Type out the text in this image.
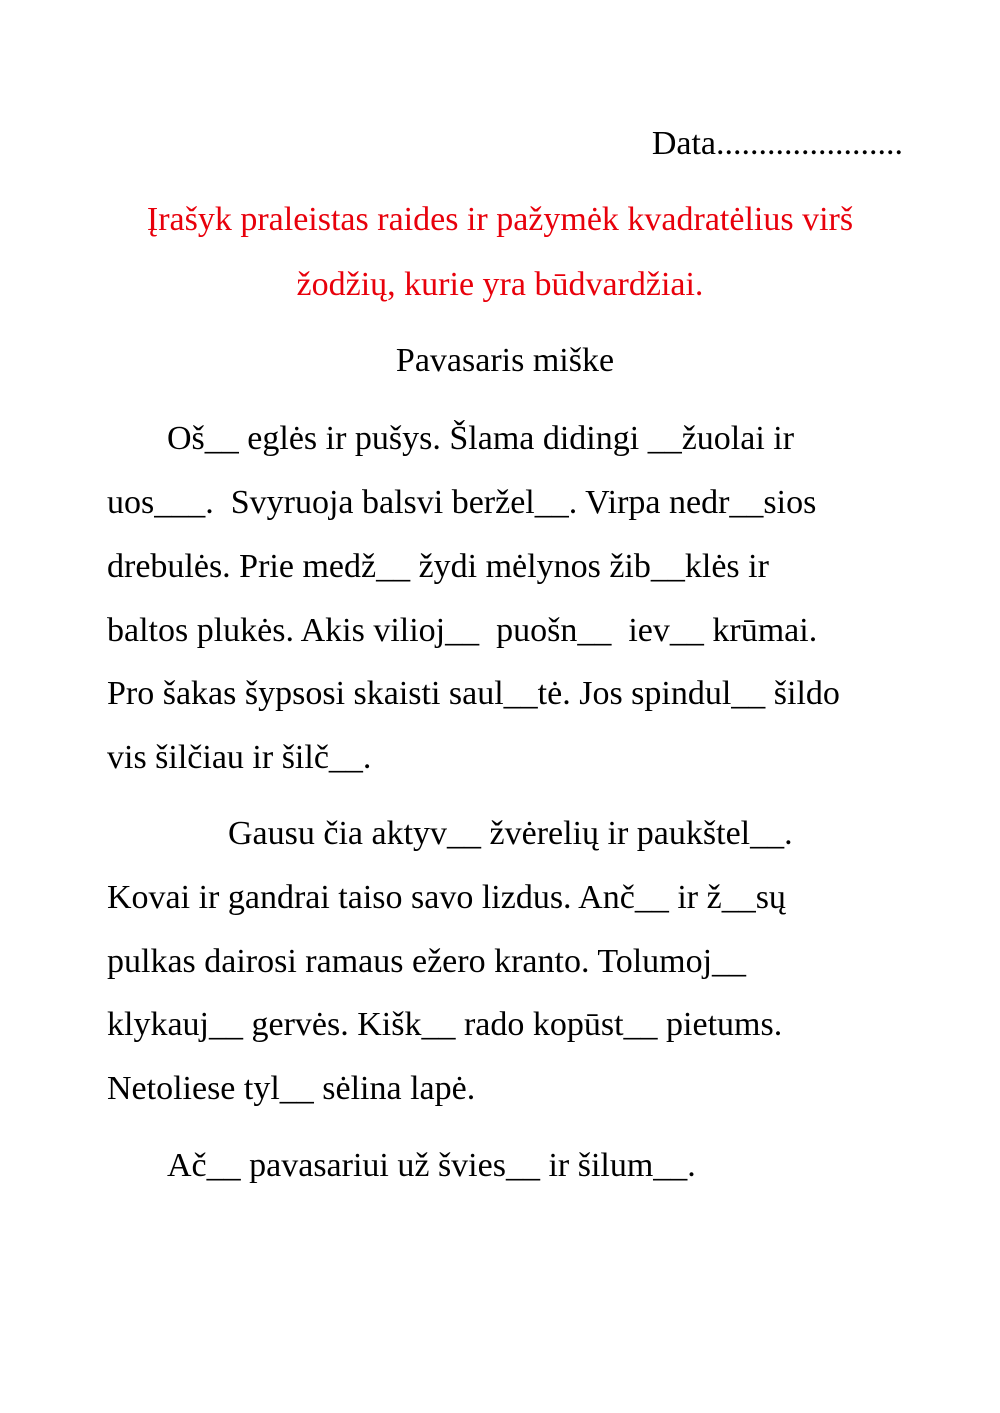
Data......................
Įrašyk praleistas raides ir pažymėk kvadratėlius virš
žodžių, kurie yra būdvardžiai.
Pavasaris miške
Oš__ eglės ir pušys. Šlama didingi __žuolai ir
uos___.  Svyruoja balsvi beržel__. Virpa nedr__sios
drebulės. Prie medž__ žydi mėlynos žib__klės ir
baltos plukės. Akis vilioj__  puošn__  iev__ krūmai.
Pro šakas šypsosi skaisti saul__tė. Jos spindul__ šildo
vis šilčiau ir šilč__.
Gausu čia aktyv__ žvėrelių ir paukštel__.
Kovai ir gandrai taiso savo lizdus. Anč__ ir ž__sų
pulkas dairosi ramaus ežero kranto. Tolumoj__
klykauj__ gervės. Kišk__ rado kopūst__ pietums.
Netoliese tyl__ sėlina lapė.
Ač__ pavasariui už švies__ ir šilum__.
